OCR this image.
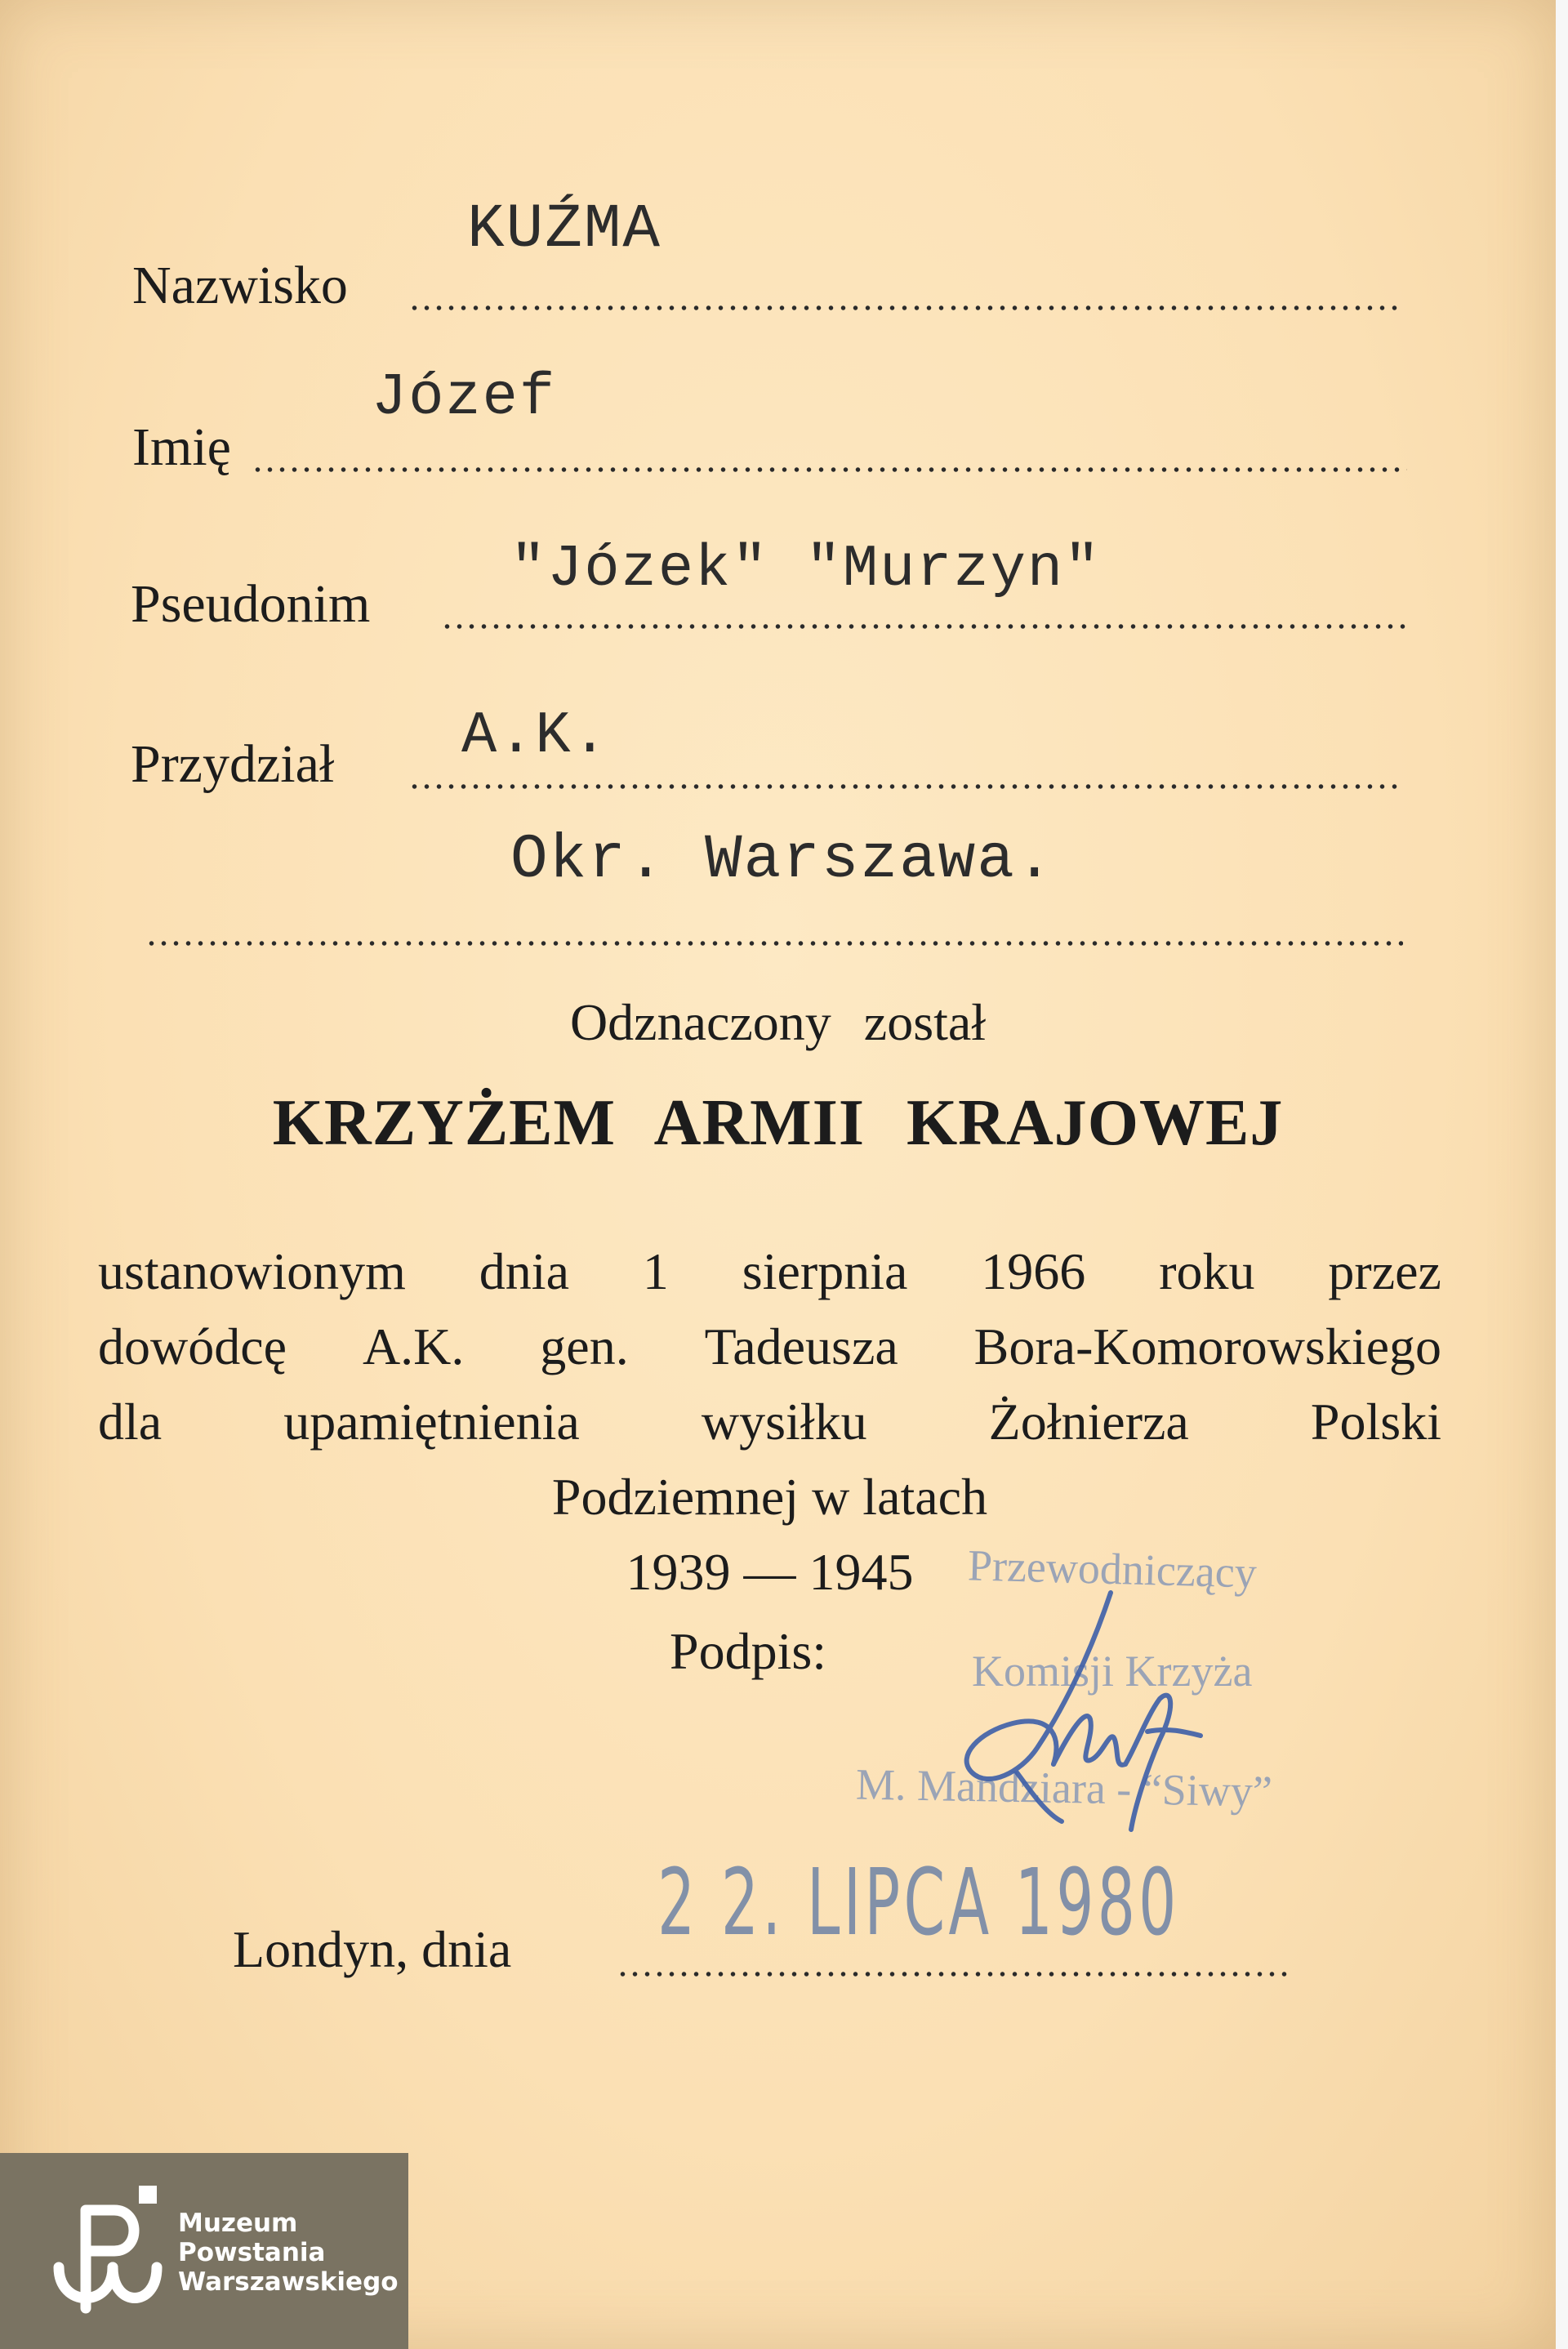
Nazwisko
KUŹMA
Imię
Józef
Pseudonim
"Józek" "Murzyn"
Przydział A.K.
Okr. Warszawa.
Odznaczony został
KRZYŻEM ARMII KRAJOWEJ
ustanowionym dnia 1 sierpnia 1966 roku przez
dowódcę A.K. gen. Tadeusza Bora-Komorowskiego
dla upamiętnienia wysiłku Żołnierza Polski
Podziemnej w latach
1939 — 1945
Podpis:
Przewodniczący
Komisji Krzyża
M. Mandziara - “Siwy”
Londyn, dnia 2 2. LIPCA 1980
Muzeum
Powstania
Warszawskiego
